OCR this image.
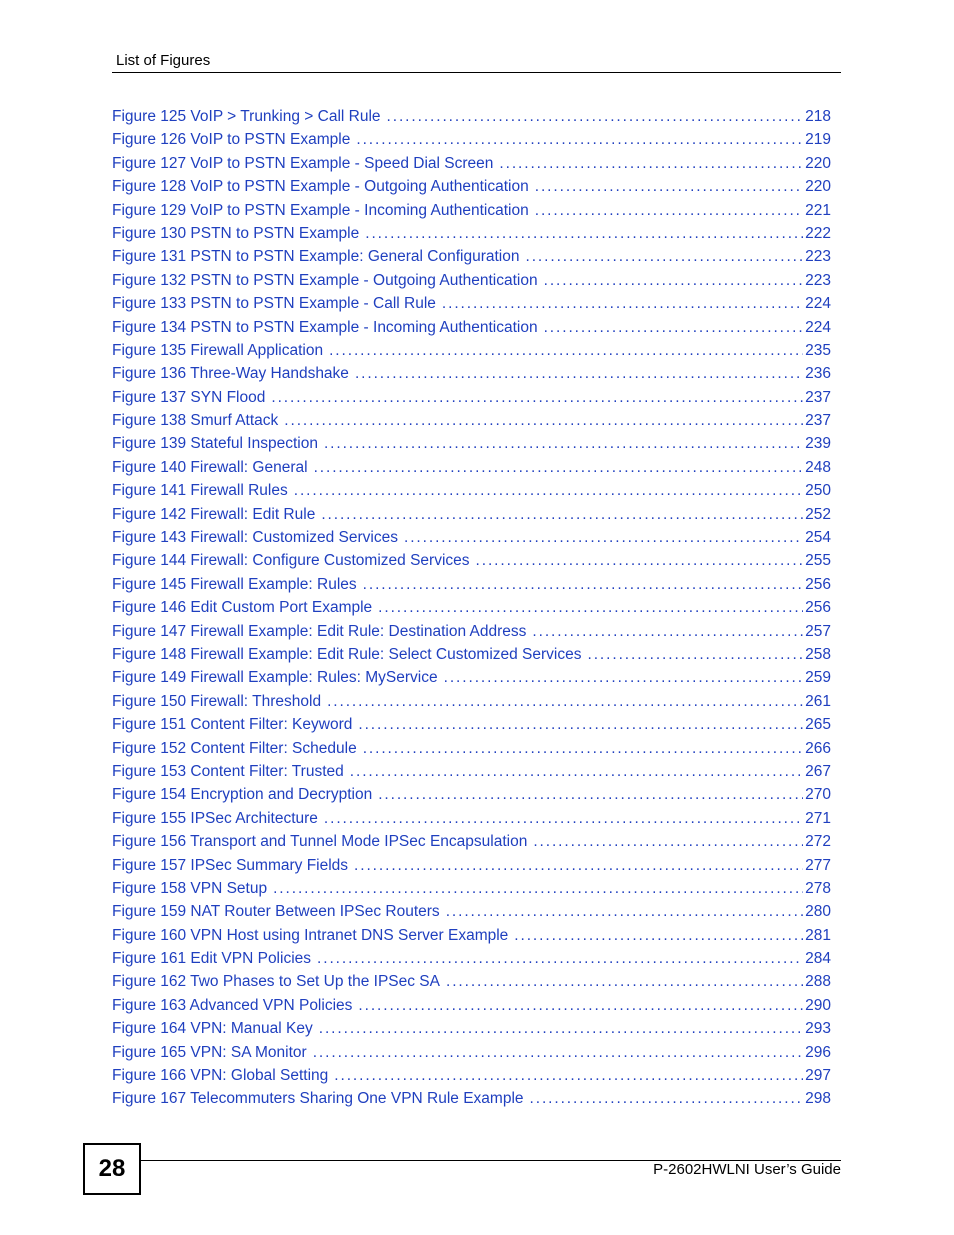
List of Figures
Figure 125 VoIP > Trunking > Call Rule . . .	218
Figure 126 VoIP to PSTN Example . . .	219
Figure 127 VoIP to PSTN Example - Speed Dial Screen . . .	220
Figure 128 VoIP to PSTN Example - Outgoing Authentication . . .	220
Figure 129 VoIP to PSTN Example - Incoming Authentication . . .	221
Figure 130 PSTN to PSTN Example . . .	222
Figure 131 PSTN to PSTN Example: General Configuration . . .	223
Figure 132 PSTN to PSTN Example - Outgoing Authentication . . .	223
Figure 133 PSTN to PSTN Example - Call Rule . . .	224
Figure 134 PSTN to PSTN Example - Incoming Authentication . . .	224
Figure 135 Firewall Application . . .	235
Figure 136 Three-Way Handshake . . .	236
Figure 137 SYN Flood . . .	237
Figure 138 Smurf Attack . . .	237
Figure 139 Stateful Inspection . . .	239
Figure 140 Firewall: General . . .	248
Figure 141 Firewall Rules . . .	250
Figure 142 Firewall: Edit Rule . . .	252
Figure 143 Firewall: Customized Services . . .	254
Figure 144 Firewall: Configure Customized Services . . .	255
Figure 145 Firewall Example: Rules . . .	256
Figure 146 Edit Custom Port Example . . .	256
Figure 147 Firewall Example: Edit Rule: Destination Address . . .	257
Figure 148 Firewall Example: Edit Rule: Select Customized Services . . .	258
Figure 149 Firewall Example: Rules: MyService . . .	259
Figure 150 Firewall: Threshold . . .	261
Figure 151 Content Filter: Keyword . . .	265
Figure 152 Content Filter: Schedule . . .	266
Figure 153 Content Filter: Trusted . . .	267
Figure 154 Encryption and Decryption . . .	270
Figure 155 IPSec Architecture . . .	271
Figure 156 Transport and Tunnel Mode IPSec Encapsulation . . .	272
Figure 157 IPSec Summary Fields . . .	277
Figure 158 VPN Setup . . .	278
Figure 159 NAT Router Between IPSec Routers . . .	280
Figure 160 VPN Host using Intranet DNS Server Example . . .	281
Figure 161 Edit VPN Policies . . .	284
Figure 162 Two Phases to Set Up the IPSec SA . . .	288
Figure 163 Advanced VPN Policies . . .	290
Figure 164 VPN: Manual Key . . .	293
Figure 165 VPN: SA Monitor . . .	296
Figure 166 VPN: Global Setting . . .	297
Figure 167 Telecommuters Sharing One VPN Rule Example . . .	298
28	P-2602HWLNI User’s Guide
